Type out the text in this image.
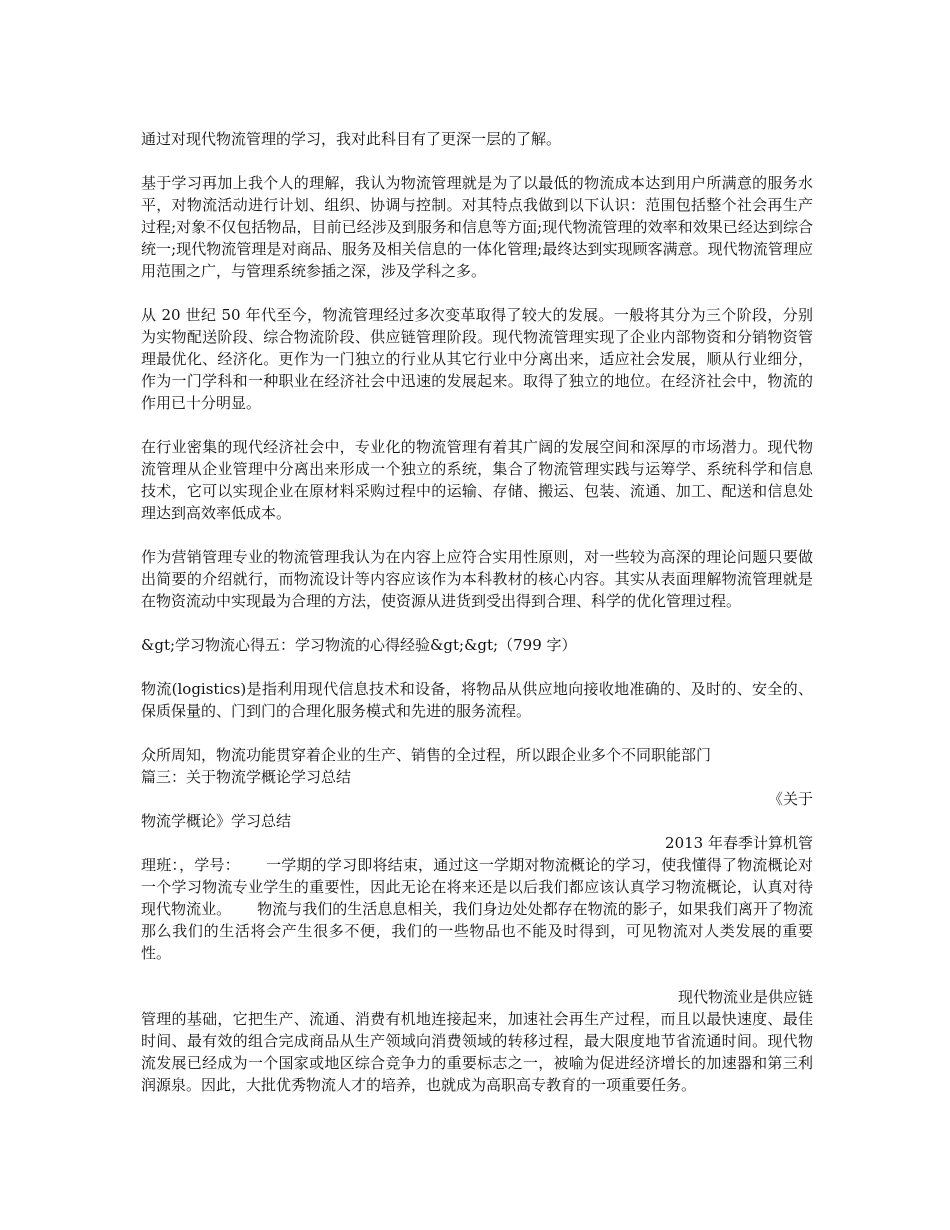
通过对现代物流管理的学习，我对此科目有了更深一层的了解。

基于学习再加上我个人的理解，我认为物流管理就是为了以最低的物流成本达到用户所满意的服务水平，对物流活动进行计划、组织、协调与控制。对其特点我做到以下认识：范围包括整个社会再生产过程;对象不仅包括物品，目前已经涉及到服务和信息等方面;现代物流管理的效率和效果已经达到综合统一;现代物流管理是对商品、服务及相关信息的一体化管理;最终达到实现顾客满意。现代物流管理应用范围之广，与管理系统参插之深，涉及学科之多。

从 20 世纪 50 年代至今，物流管理经过多次变革取得了较大的发展。一般将其分为三个阶段，分别为实物配送阶段、综合物流阶段、供应链管理阶段。现代物流管理实现了企业内部物资和分销物资管理最优化、经济化。更作为一门独立的行业从其它行业中分离出来，适应社会发展，顺从行业细分，作为一门学科和一种职业在经济社会中迅速的发展起来。取得了独立的地位。在经济社会中，物流的作用已十分明显。

在行业密集的现代经济社会中，专业化的物流管理有着其广阔的发展空间和深厚的市场潜力。现代物流管理从企业管理中分离出来形成一个独立的系统，集合了物流管理实践与运筹学、系统科学和信息技术，它可以实现企业在原材料采购过程中的运输、存储、搬运、包装、流通、加工、配送和信息处理达到高效率低成本。

作为营销管理专业的物流管理我认为在内容上应符合实用性原则，对一些较为高深的理论问题只要做出简要的介绍就行，而物流设计等内容应该作为本科教材的核心内容。其实从表面理解物流管理就是在物资流动中实现最为合理的方法，使资源从进货到受出得到合理、科学的优化管理过程。

&gt;学习物流心得五：学习物流的心得经验&gt;&gt;（799 字）

物流(logistics)是指利用现代信息技术和设备，将物品从供应地向接收地准确的、及时的、安全的、保质保量的、门到门的合理化服务模式和先进的服务流程。

众所周知，物流功能贯穿着企业的生产、销售的全过程，所以跟企业多个不同职能部门

篇三：关于物流学概论学习总结

《关于
物流学概论》学习总结
2013 年春季计算机管

理班：，学号： 一学期的学习即将结束，通过这一学期对物流概论的学习，使我懂得了物流概论对一个学习物流专业学生的重要性，因此无论在将来还是以后我们都应该认真学习物流概论，认真对待现代物流业。 物流与我们的生活息息相关，我们身边处处都存在物流的影子，如果我们离开了物流那么我们的生活将会产生很多不便，我们的一些物品也不能及时得到，可见物流对人类发展的重要性。

现代物流业是供应链

管理的基础，它把生产、流通、消费有机地连接起来，加速社会再生产过程，而且以最快速度、最佳时间、最有效的组合完成商品从生产领域向消费领域的转移过程，最大限度地节省流通时间。现代物流发展已经成为一个国家或地区综合竞争力的重要标志之一，被喻为促进经济增长的加速器和第三利润源泉。因此，大批优秀物流人才的培养，也就成为高职高专教育的一项重要任务。
